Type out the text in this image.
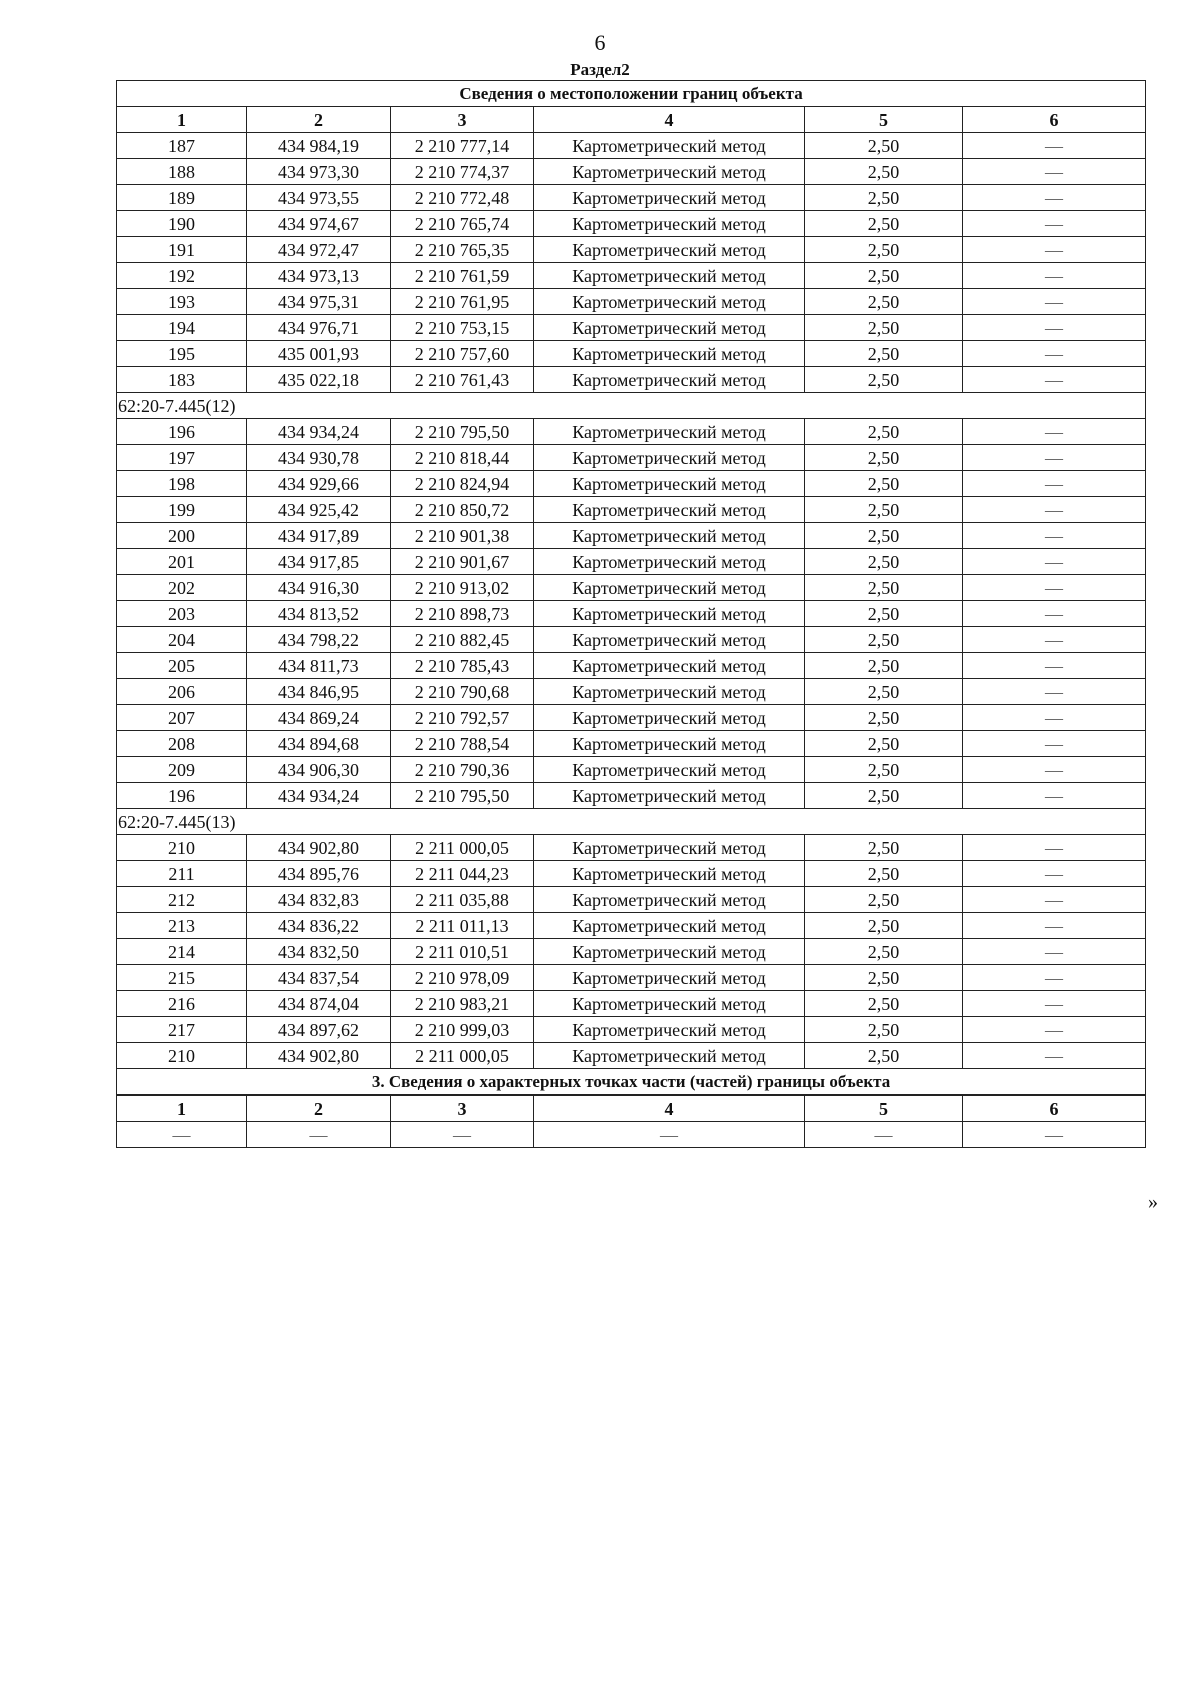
6
Раздел2
Сведения о местоположении границ объекта					
1	2	3	4	5	6
187	434 984,19	2 210 777,14	Картометрический метод	2,50	—
188	434 973,30	2 210 774,37	Картометрический метод	2,50	—
189	434 973,55	2 210 772,48	Картометрический метод	2,50	—
190	434 974,67	2 210 765,74	Картометрический метод	2,50	—
191	434 972,47	2 210 765,35	Картометрический метод	2,50	—
192	434 973,13	2 210 761,59	Картометрический метод	2,50	—
193	434 975,31	2 210 761,95	Картометрический метод	2,50	—
194	434 976,71	2 210 753,15	Картометрический метод	2,50	—
195	435 001,93	2 210 757,60	Картометрический метод	2,50	—
183	435 022,18	2 210 761,43	Картометрический метод	2,50	—
62:20-7.445(12)					
196	434 934,24	2 210 795,50	Картометрический метод	2,50	—
197	434 930,78	2 210 818,44	Картометрический метод	2,50	—
198	434 929,66	2 210 824,94	Картометрический метод	2,50	—
199	434 925,42	2 210 850,72	Картометрический метод	2,50	—
200	434 917,89	2 210 901,38	Картометрический метод	2,50	—
201	434 917,85	2 210 901,67	Картометрический метод	2,50	—
202	434 916,30	2 210 913,02	Картометрический метод	2,50	—
203	434 813,52	2 210 898,73	Картометрический метод	2,50	—
204	434 798,22	2 210 882,45	Картометрический метод	2,50	—
205	434 811,73	2 210 785,43	Картометрический метод	2,50	—
206	434 846,95	2 210 790,68	Картометрический метод	2,50	—
207	434 869,24	2 210 792,57	Картометрический метод	2,50	—
208	434 894,68	2 210 788,54	Картометрический метод	2,50	—
209	434 906,30	2 210 790,36	Картометрический метод	2,50	—
196	434 934,24	2 210 795,50	Картометрический метод	2,50	—
62:20-7.445(13)					
210	434 902,80	2 211 000,05	Картометрический метод	2,50	—
211	434 895,76	2 211 044,23	Картометрический метод	2,50	—
212	434 832,83	2 211 035,88	Картометрический метод	2,50	—
213	434 836,22	2 211 011,13	Картометрический метод	2,50	—
214	434 832,50	2 211 010,51	Картометрический метод	2,50	—
215	434 837,54	2 210 978,09	Картометрический метод	2,50	—
216	434 874,04	2 210 983,21	Картометрический метод	2,50	—
217	434 897,62	2 210 999,03	Картометрический метод	2,50	—
210	434 902,80	2 211 000,05	Картометрический метод	2,50	—
3. Сведения о характерных точках части (частей) границы объекта					
1	2	3	4	5	6
—	—	—	—	—	—
»
